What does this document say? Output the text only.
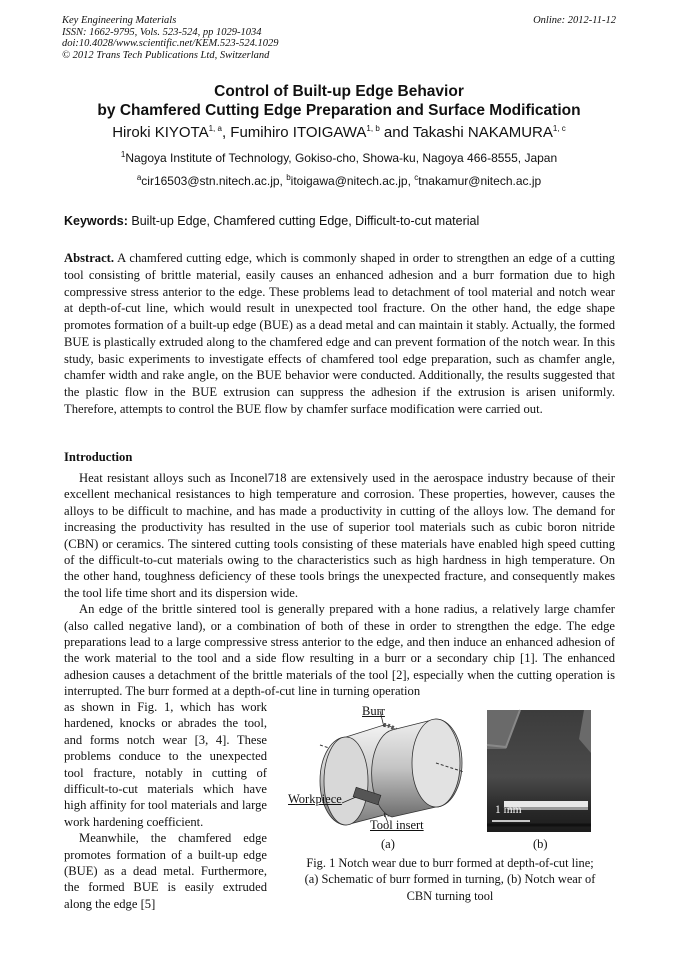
Key Engineering Materials
ISSN: 1662-9795, Vols. 523-524, pp 1029-1034
doi:10.4028/www.scientific.net/KEM.523-524.1029
© 2012 Trans Tech Publications Ltd, Switzerland
Online: 2012-11-12
Control of Built-up Edge Behavior
by Chamfered Cutting Edge Preparation and Surface Modification
Hiroki KIYOTA$^{1, a}$, Fumihiro ITOIGAWA$^{1, b}$ and Takashi NAKAMURA$^{1, c}$
$^1$Nagoya Institute of Technology, Gokiso-cho, Showa-ku, Nagoya 466-8555, Japan
$^a$cir16503@stn.nitech.ac.jp, $^b$itoigawa@nitech.ac.jp, $^c$tnakamur@nitech.ac.jp
Keywords: Built-up Edge, Chamfered cutting Edge, Difficult-to-cut material
Abstract. A chamfered cutting edge, which is commonly shaped in order to strengthen an edge of a cutting tool consisting of brittle material, easily causes an enhanced adhesion and a burr formation due to high compressive stress anterior to the edge. These problems lead to detachment of tool material and notch wear at depth-of-cut line, which would result in unexpected tool fracture. On the other hand, the edge shape promotes formation of a built-up edge (BUE) as a dead metal and can maintain it stably. Actually, the formed BUE is plastically extruded along to the chamfered edge and can prevent formation of the notch wear. In this study, basic experiments to investigate effects of chamfered tool edge preparation, such as chamfer angle, chamfer width and rake angle, on the BUE behavior were conducted. Additionally, the results suggested that the plastic flow in the BUE extrusion can suppress the adhesion if the extrusion is arisen uniformly. Therefore, attempts to control the BUE flow by chamfer surface modification were carried out.
Introduction

Heat resistant alloys such as Inconel718 are extensively used in the aerospace industry because of their excellent mechanical resistances to high temperature and corrosion. These properties, however, causes the alloys to be difficult to machine, and has made a productivity in cutting of the alloys low. The demand for increasing the productivity has resulted in the use of superior tool materials such as cubic boron nitride (CBN) or ceramics. The sintered cutting tools consisting of these materials have enabled high speed cutting of the difficult-to-cut materials owing to the characteristics such as high hardness in high temperature. On the other hand, toughness deficiency of these tools brings the unexpected fracture, and consequently makes the tool life time short and its dispersion wide.

An edge of the brittle sintered tool is generally prepared with a hone radius, a relatively large chamfer (also called negative land), or a combination of both of these in order to strengthen the edge. The edge preparations lead to a large compressive stress anterior to the edge, and then induce an enhanced adhesion of the work material to the tool and a side flow resulting in a burr or a secondary chip [1]. The enhanced adhesion causes a detachment of the brittle materials of the tool [2], especially when the cutting operation is interrupted. The burr formed at a depth-of-cut line in turning operation

as shown in Fig. 1, which has work hardened, knocks or abrades the tool, and forms notch wear [3, 4]. These problems conduce to the unexpected tool fracture, notably in cutting of difficult-to-cut materials which have high affinity for tool materials and large work hardening coefficient.

Meanwhile, the chamfered edge promotes formation of a built-up edge (BUE) as a dead metal. Furthermore, the formed BUE is easily extruded along the edge [5]

Burr
Workpiece
Tool insert
1 mm
(a)	(b)
Fig. 1 Notch wear due to burr formed at depth-of-cut line;
(a) Schematic of burr formed in turning, (b) Notch wear of
CBN turning tool
